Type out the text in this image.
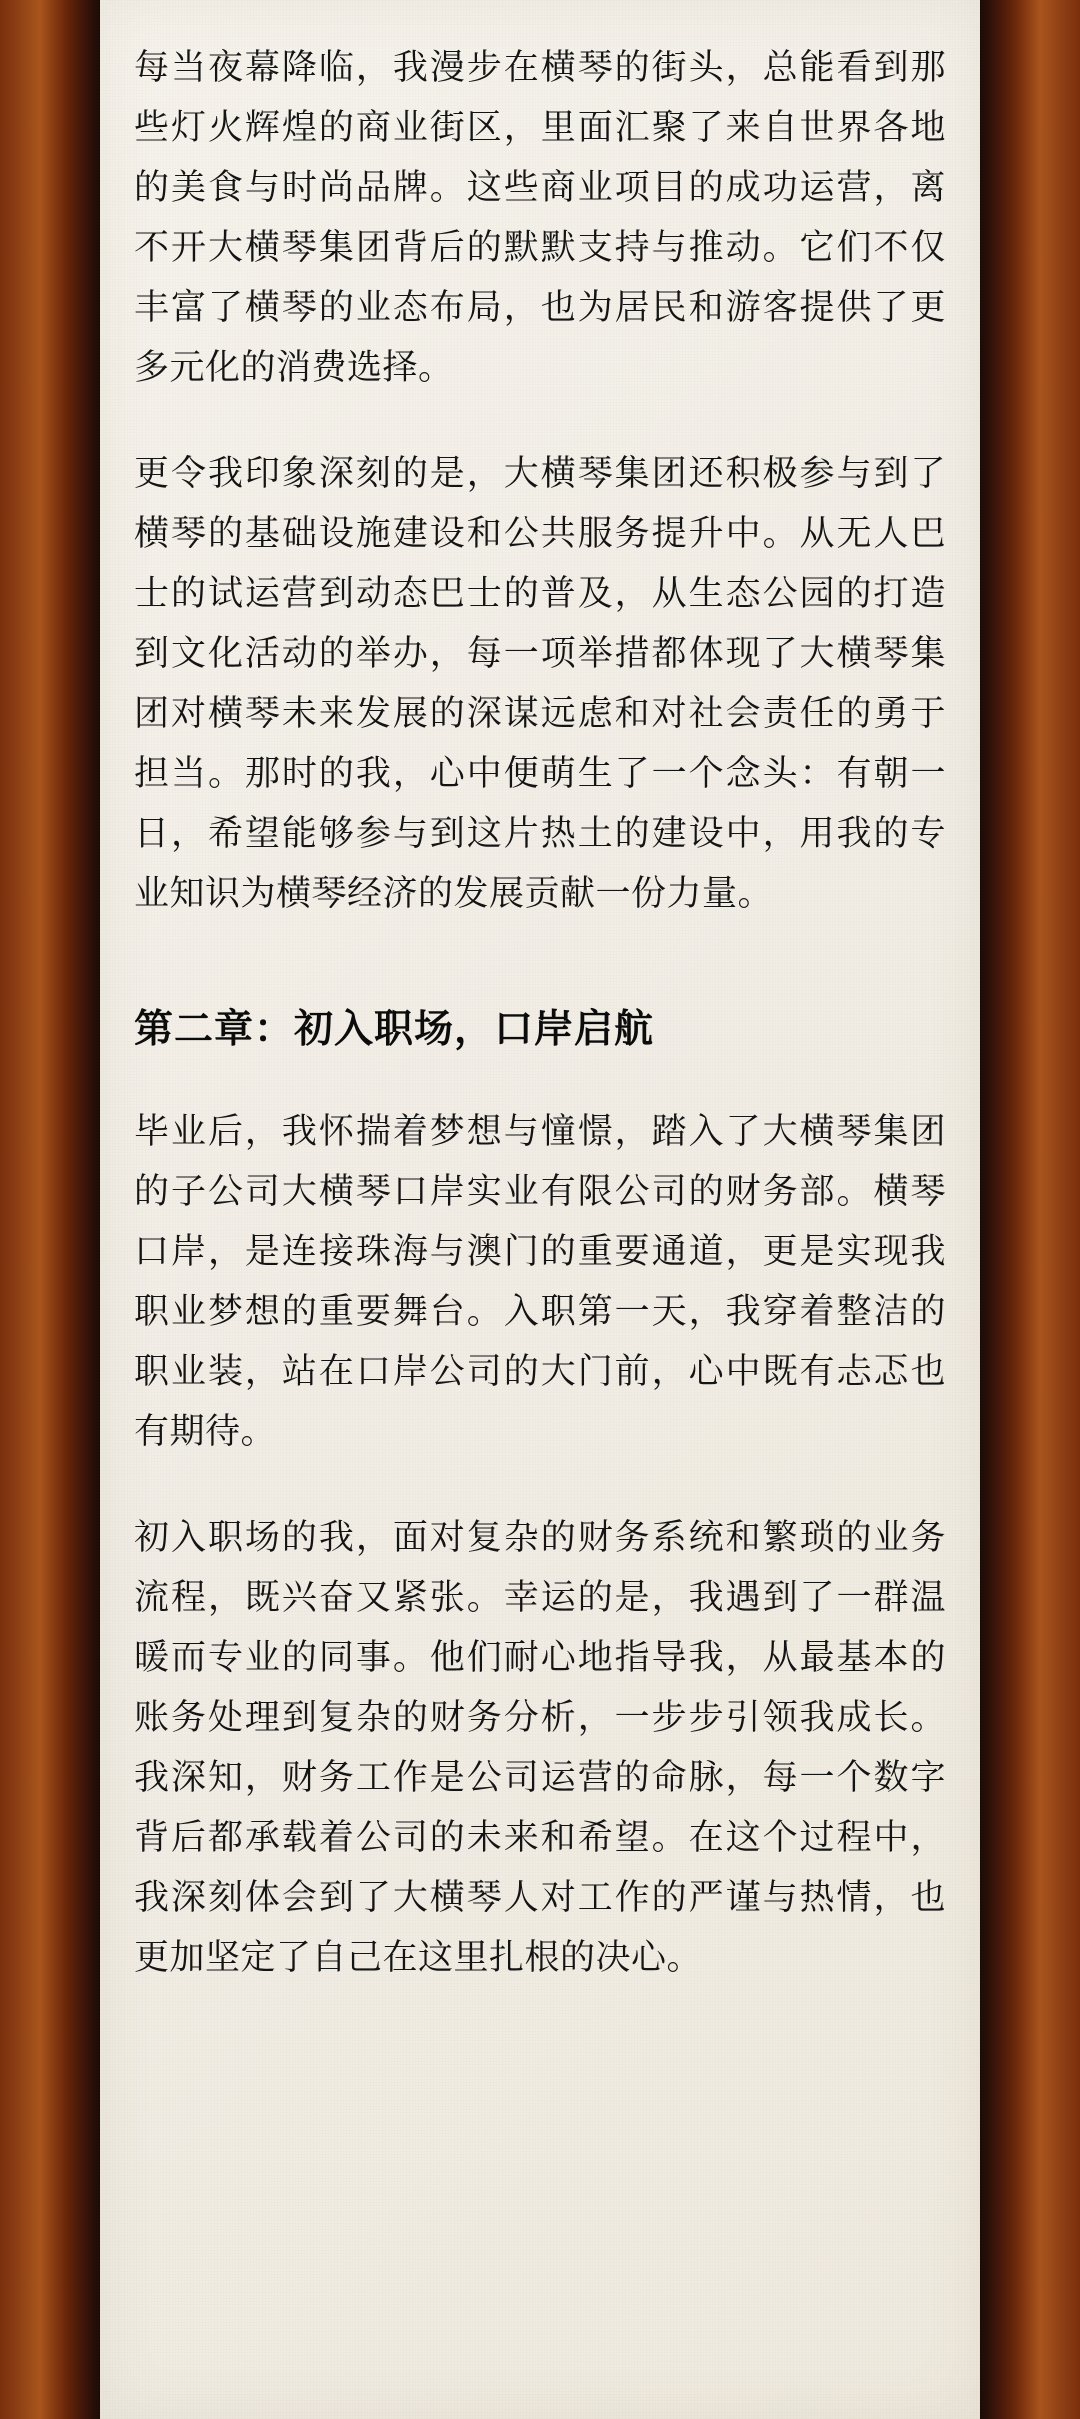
每当夜幕降临，我漫步在横琴的街头，总能看到那些灯火辉煌的商业街区，里面汇聚了来自世界各地的美食与时尚品牌。这些商业项目的成功运营，离不开大横琴集团背后的默默支持与推动。它们不仅丰富了横琴的业态布局，也为居民和游客提供了更多元化的消费选择。

更令我印象深刻的是，大横琴集团还积极参与到了横琴的基础设施建设和公共服务提升中。从无人巴士的试运营到动态巴士的普及，从生态公园的打造到文化活动的举办，每一项举措都体现了大横琴集团对横琴未来发展的深谋远虑和对社会责任的勇于担当。那时的我，心中便萌生了一个念头：有朝一日，希望能够参与到这片热土的建设中，用我的专业知识为横琴经济的发展贡献一份力量。

第二章：初入职场，口岸启航

毕业后，我怀揣着梦想与憧憬，踏入了大横琴集团的子公司大横琴口岸实业有限公司的财务部。横琴口岸，是连接珠海与澳门的重要通道，更是实现我职业梦想的重要舞台。入职第一天，我穿着整洁的职业装，站在口岸公司的大门前，心中既有忐忑也有期待。

初入职场的我，面对复杂的财务系统和繁琐的业务流程，既兴奋又紧张。幸运的是，我遇到了一群温暖而专业的同事。他们耐心地指导我，从最基本的账务处理到复杂的财务分析，一步步引领我成长。我深知，财务工作是公司运营的命脉，每一个数字背后都承载着公司的未来和希望。在这个过程中，我深刻体会到了大横琴人对工作的严谨与热情，也更加坚定了自己在这里扎根的决心。
